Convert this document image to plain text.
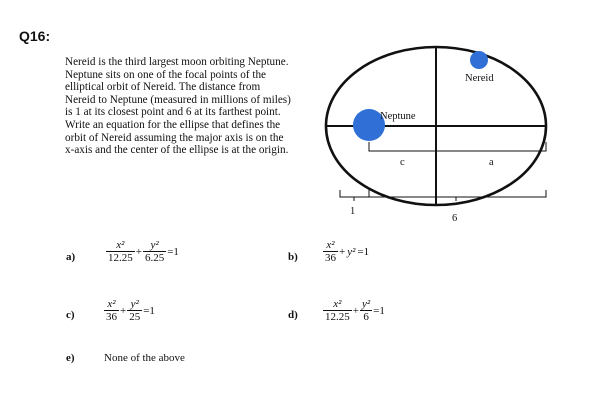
Q16:
Nereid is the third largest moon orbiting Neptune.
Neptune sits on one of the focal points of the
elliptical orbit of Nereid. The distance from
Nereid to Neptune (measured in millions of miles)
is 1 at its closest point and 6 at its farthest point.
Write an equation for the ellipse that defines the
orbit of Nereid assuming the major axis is on the
x-axis and the center of the ellipse is at the origin.
Neptune
Nereid
c	a
1
6
a)	$\frac{\text{x²}}{12.25} + \frac{\text{y²}}{6.25} =1$	$b) \frac{\text{x²}}{36} + y^2 =1$
c)	$\frac{\text{x²}}{36} + \frac{\text{y²}}{25} =1$	$d) \frac{\text{x²}}{12.25} + \frac{\text{y²}}{6} =1$
e)	None of the above
